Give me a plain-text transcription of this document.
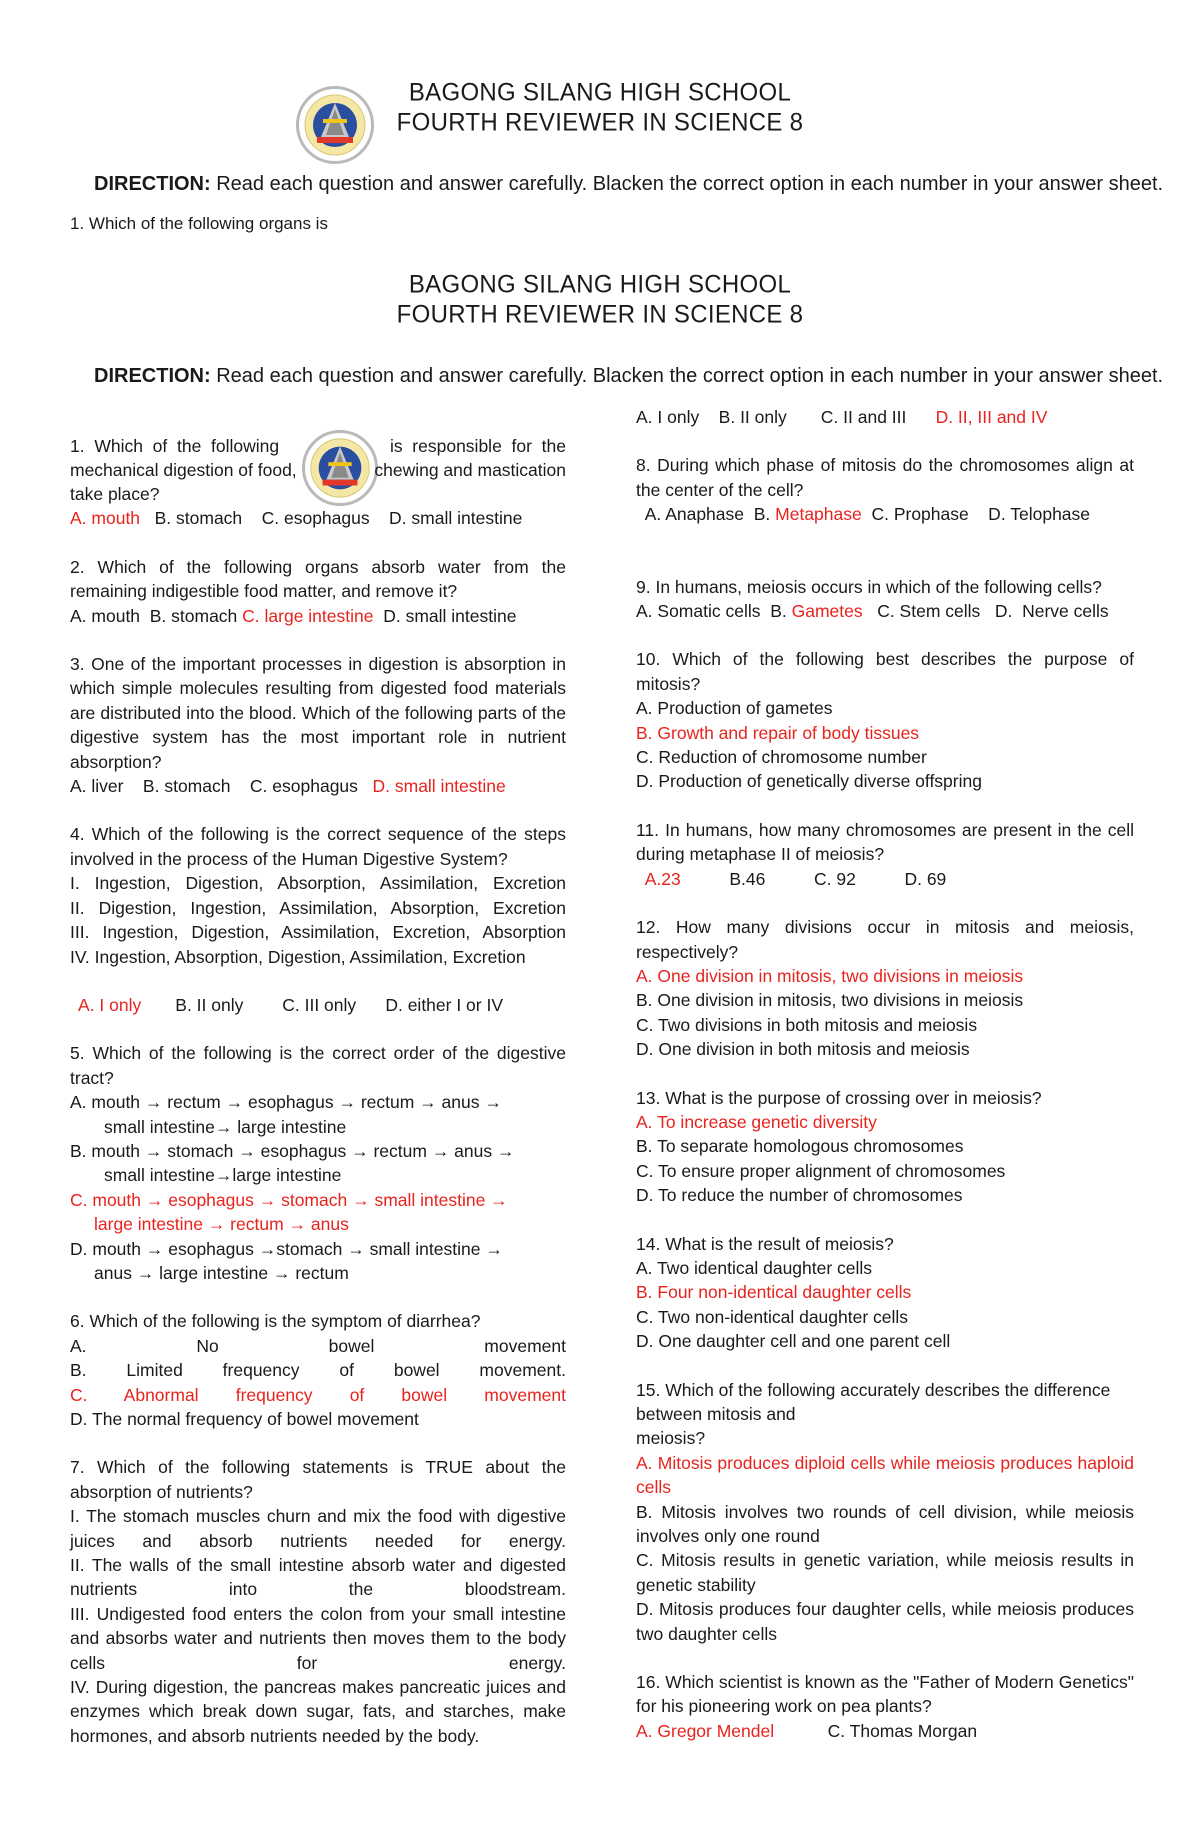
BAGONG SILANG HIGH SCHOOL
FOURTH REVIEWER IN SCIENCE 8
DIRECTION: Read each question and answer carefully. Blacken the correct option in each number in your answer sheet.
1. Which of the following organs is
BAGONG SILANG HIGH SCHOOL
FOURTH REVIEWER IN SCIENCE 8
DIRECTION: Read each question and answer carefully. Blacken the correct option in each number in your answer sheet.

1.  Which  of  the  following	is  responsible  for  the

mechanical digestion of food,	chewing and mastication

take place?

A. mouth   B. stomach    C. esophagus    D. small intestine

2. Which of the following organs absorb water from the remaining indigestible food matter, and remove it?

A. mouth  B. stomach C. large intestine  D. small intestine

3. One of the important processes in digestion is absorption in which simple molecules resulting from digested food materials are distributed into the blood. Which of the following parts of the digestive system has the most important role in nutrient absorption?

A. liver    B. stomach    C. esophagus   D. small intestine

4. Which of the following is the correct sequence of the steps involved in the process of the Human Digestive System?

I. Ingestion, Digestion, Absorption, Assimilation, Excretion

II. Digestion, Ingestion, Assimilation, Absorption, Excretion

III. Ingestion, Digestion, Assimilation, Excretion, Absorption

IV. Ingestion, Absorption, Digestion, Assimilation, Excretion

A. I only       B. II only        C. III only      D. either I or IV

5. Which of the following is the correct order of the digestive tract?

A. mouth → rectum → esophagus → rectum → anus →

small intestine→ large intestine

B. mouth → stomach → esophagus → rectum → anus →

small intestine→large intestine

C. mouth → esophagus → stomach → small intestine →

large intestine → rectum → anus

D. mouth → esophagus →stomach → small intestine →

anus → large intestine → rectum

6. Which of the following is the symptom of diarrhea?

A. No bowel movement

B. Limited frequency of bowel movement.

C. Abnormal frequency of bowel movement

D. The normal frequency of bowel movement

7. Which of the following statements is TRUE about the absorption of nutrients?

I. The stomach muscles churn and mix the food with digestive juices and absorb nutrients needed for energy.

II. The walls of the small intestine absorb water and digested nutrients into the bloodstream.

III. Undigested food enters the colon from your small intestine and absorbs water and nutrients then moves them to the body cells for energy.

IV. During digestion, the pancreas makes pancreatic juices and enzymes which break down sugar, fats, and starches, make hormones, and absorb nutrients needed by the body.

A. I only    B. II only       C. II and III      D. II, III and IV

8. During which phase of mitosis do the chromosomes align at the center of the cell?

A. Anaphase  B. Metaphase  C. Prophase    D. Telophase

9. In humans, meiosis occurs in which of the following cells?

A. Somatic cells  B. Gametes   C. Stem cells   D.  Nerve cells

10. Which of the following best describes the purpose of mitosis?

A. Production of gametes

B. Growth and repair of body tissues

C. Reduction of chromosome number

D. Production of genetically diverse offspring

11. In humans, how many chromosomes are present in the cell during metaphase II of meiosis?

A.23          B.46          C. 92          D. 69

12. How many divisions occur in mitosis and meiosis, respectively?

A. One division in mitosis, two divisions in meiosis

B. One division in mitosis, two divisions in meiosis

C. Two divisions in both mitosis and meiosis

D. One division in both mitosis and meiosis

13. What is the purpose of crossing over in meiosis?

A. To increase genetic diversity

B. To separate homologous chromosomes

C. To ensure proper alignment of chromosomes

D. To reduce the number of chromosomes

14. What is the result of meiosis?

A. Two identical daughter cells

B. Four non-identical daughter cells

C. Two non-identical daughter cells

D. One daughter cell and one parent cell

15. Which of the following accurately describes the difference between mitosis and

meiosis?

A. Mitosis produces diploid cells while meiosis produces haploid cells

B. Mitosis involves two rounds of cell division, while meiosis involves only one round

C. Mitosis results in genetic variation, while meiosis results in genetic stability

D. Mitosis produces four daughter cells, while meiosis produces two daughter cells

16. Which scientist is known as the "Father of Modern Genetics" for his pioneering work on pea plants?

A. Gregor Mendel           C. Thomas Morgan
